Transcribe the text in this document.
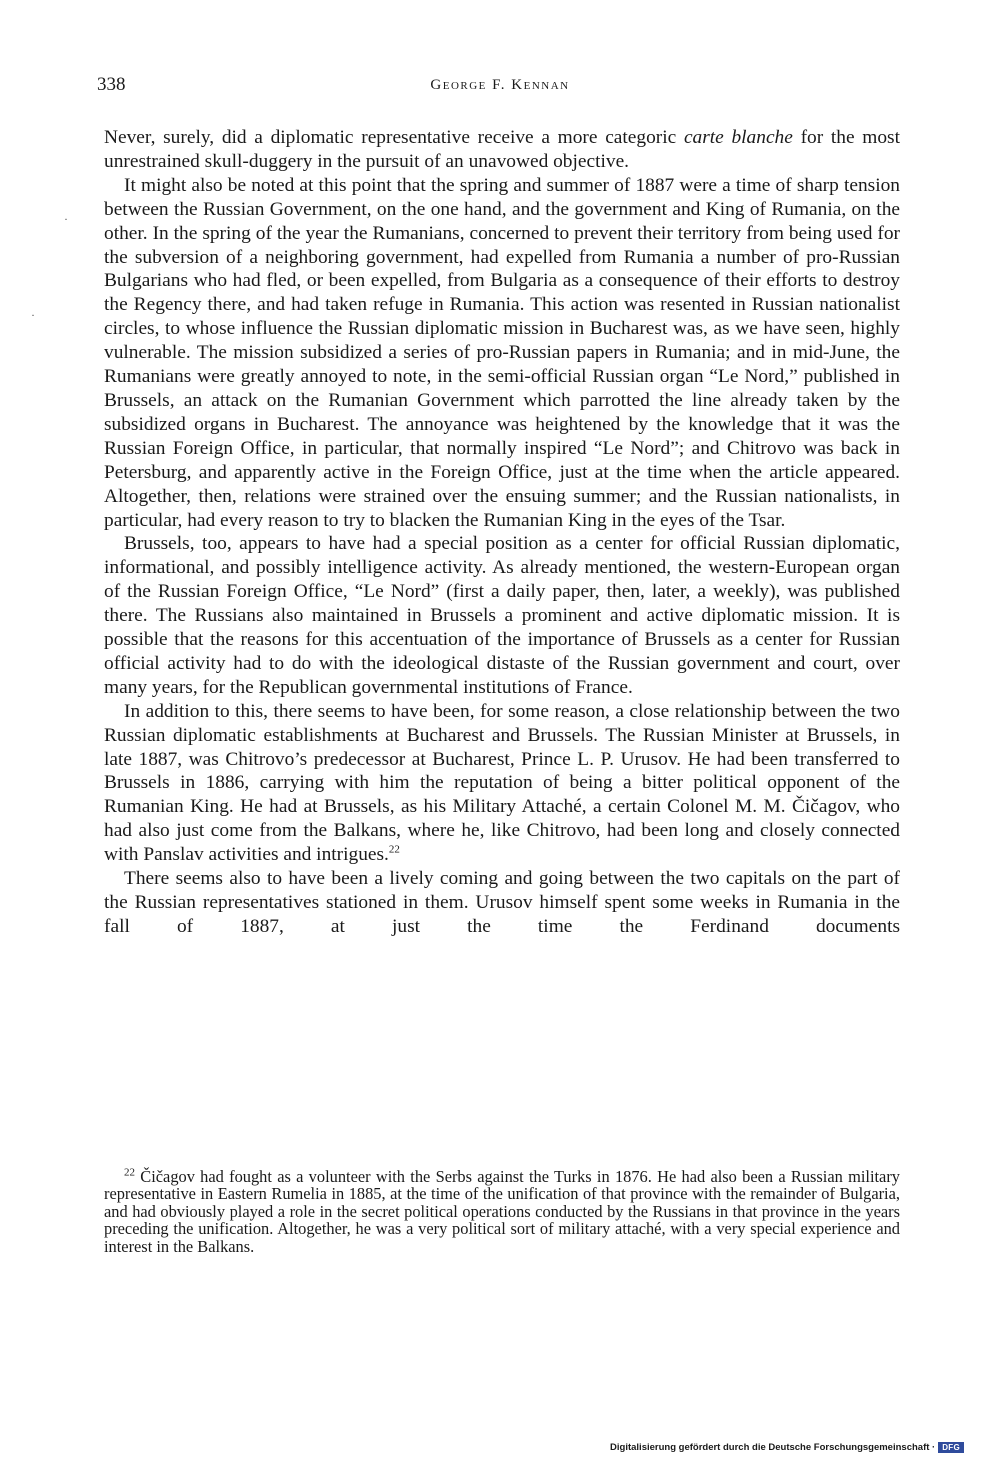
338	George F. Kennan

Never, surely, did a diplomatic representative receive a more categoric carte blanche for the most unrestrained skull-duggery in the pursuit of an unavowed objective.

It might also be noted at this point that the spring and summer of 1887 were a time of sharp tension between the Russian Government, on the one hand, and the government and King of Rumania, on the other. In the spring of the year the Rumanians, concerned to prevent their territory from being used for the subversion of a neighboring government, had expelled from Rumania a number of pro-Russian Bulgarians who had fled, or been expelled, from Bulgaria as a consequence of their efforts to destroy the Regency there, and had taken refuge in Rumania. This action was resented in Russian nationalist circles, to whose influence the Russian diplomatic mission in Bucharest was, as we have seen, highly vulnerable. The mission subsidized a series of pro-Russian papers in Rumania; and in mid-June, the Rumanians were greatly annoyed to note, in the semi-official Russian organ “Le Nord,” published in Brussels, an attack on the Rumanian Government which parrotted the line already taken by the subsidized organs in Bucharest. The annoyance was heightened by the knowledge that it was the Russian Foreign Office, in particular, that normally inspired “Le Nord”; and Chitrovo was back in Petersburg, and apparently active in the Foreign Office, just at the time when the article appeared. Altogether, then, relations were strained over the ensuing summer; and the Russian nationalists, in particular, had every reason to try to blacken the Rumanian King in the eyes of the Tsar.

Brussels, too, appears to have had a special position as a center for official Russian diplomatic, informational, and possibly intelligence activity. As already mentioned, the western-European organ of the Russian Foreign Office, “Le Nord” (first a daily paper, then, later, a weekly), was published there. The Russians also maintained in Brussels a prominent and active diplomatic mission. It is possible that the reasons for this accentuation of the importance of Brussels as a center for Russian official activity had to do with the ideological distaste of the Russian government and court, over many years, for the Republican governmental institutions of France.

In addition to this, there seems to have been, for some reason, a close relationship between the two Russian diplomatic establishments at Bucharest and Brussels. The Russian Minister at Brussels, in late 1887, was Chitrovo’s predecessor at Bucharest, Prince L. P. Urusov. He had been transferred to Brussels in 1886, carrying with him the reputation of being a bitter political opponent of the Rumanian King. He had at Brussels, as his Military Attaché, a certain Colonel M. M. Čičagov, who had also just come from the Balkans, where he, like Chitrovo, had been long and closely connected with Panslav activities and intrigues.$^{22}$

There seems also to have been a lively coming and going between the two capitals on the part of the Russian representatives stationed in them. Urusov himself spent some weeks in Rumania in the fall of 1887, at just the time the Ferdinand documents

$^{22}$ Čičagov had fought as a volunteer with the Serbs against the Turks in 1876. He had also been a Russian military representative in Eastern Rumelia in 1885, at the time of the unification of that province with the remainder of Bulgaria, and had obviously played a role in the secret political operations conducted by the Russians in that province in the years preceding the unification. Altogether, he was a very political sort of military attaché, with a very special experience and interest in the Balkans.

·
·
Digitalisierung gefördert durch die Deutsche Forschungsgemeinschaft · DFG
